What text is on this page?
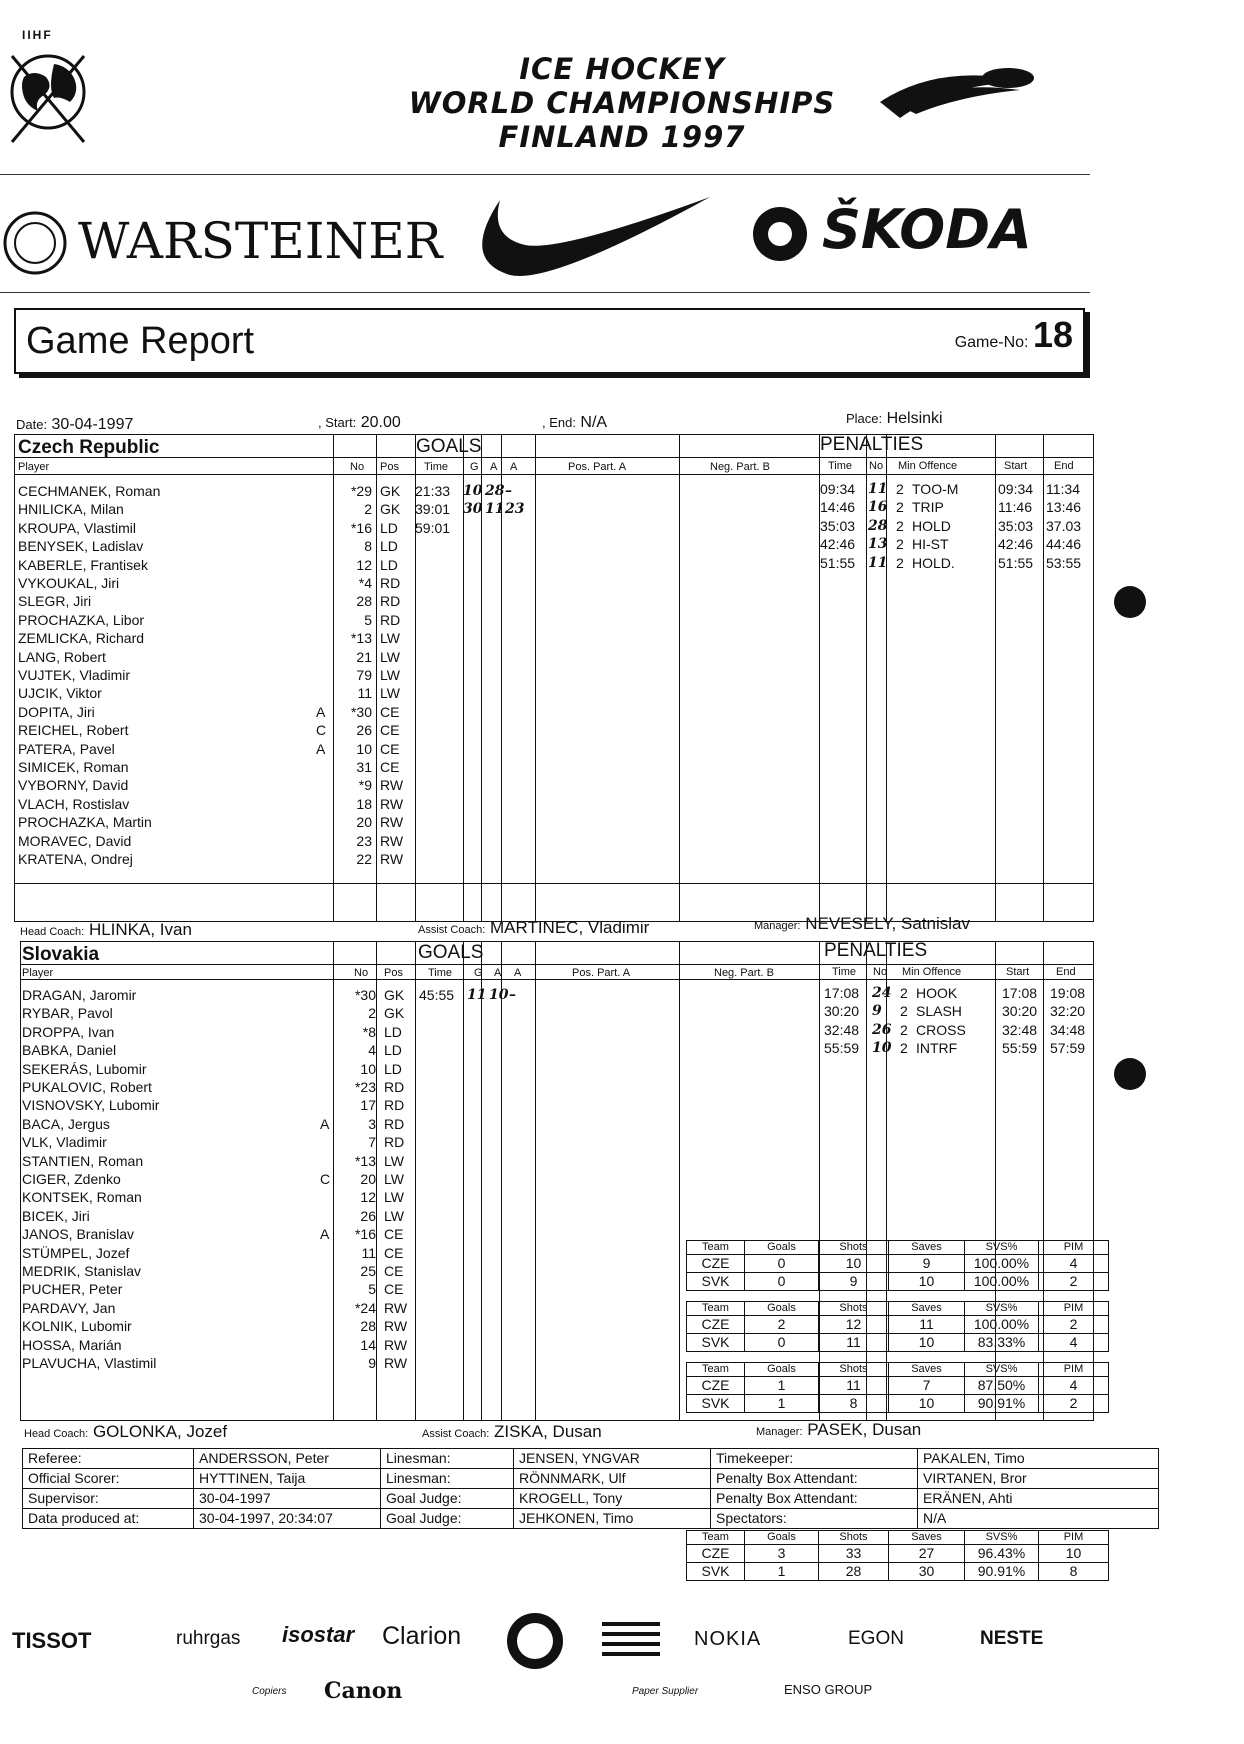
IIHF
ICE HOCKEY
WORLD CHAMPIONSHIPS
FINLAND 1997
WARSTEINER	ŠKODA
Game Report	Game-No: 18
Date: 30-04-1997	, Start: 20.00	, End: N/A	Place: Helsinki
Czech Republic	GOALS	PENALTIES
Player	No Pos Time G A A	Pos. Part. A	Neg. Part. B	Time No Min Offence	Start End
CECHMANEK, Roman	*29 GK
HNILICKA, Milan	2 GK
KROUPA, Vlastimil	*16 LD
BENYSEK, Ladislav	8 LD
KABERLE, Frantisek	12 LD
VYKOUKAL, Jiri	*4 RD
SLEGR, Jiri	28 RD
PROCHAZKA, Libor	5 RD
ZEMLICKA, Richard	*13 LW
LANG, Robert	21 LW
VUJTEK, Vladimir	79 LW
UJCIK, Viktor	11 LW
DOPITA, Jiri	A	*30 CE
REICHEL, Robert	C	26 CE
PATERA, Pavel	A	10 CE
SIMICEK, Roman	31 CE
VYBORNY, David	*9 RW
VLACH, Rostislav	18 RW
PROCHAZKA, Martin	20 RW
MORAVEC, David	23 RW
KRATENA, Ondrej	22 RW
21:33 10 28 –
39:01 30 11 23
59:01
09:34 11 2 TOO-M	09:34 11:34
14:46 16 2 TRIP	11:46 13:46
35:03 28 2 HOLD	35:03 37.03
42:46 13 2 HI-ST	42:46 44:46
51:55 11 2 HOLD.	51:55 53:55
Head Coach: HLINKA, Ivan	Assist Coach: MARTINEC, Vladimir	Manager: NEVESELY, Satnislav
Slovakia	GOALS	PENALTIES
Player	No Pos Time G A A	Pos. Part. A	Neg. Part. B	Time No Min Offence	Start End
DRAGAN, Jaromir	*30 GK
RYBAR, Pavol	2 GK
DROPPA, Ivan	*8 LD
BABKA, Daniel	4 LD
SEKERÁS, Lubomir	10 LD
PUKALOVIC, Robert	*23 RD
VISNOVSKY, Lubomir	17 RD
BACA, Jergus	A	3 RD
VLK, Vladimir	7 RD
STANTIEN, Roman	*13 LW
CIGER, Zdenko	C	20 LW
KONTSEK, Roman	12 LW
BICEK, Jiri	26 LW
JANOS, Branislav	A	*16 CE
STÜMPEL, Jozef	11 CE
MEDRIK, Stanislav	25 CE
PUCHER, Peter	5 CE
PARDAVY, Jan	*24 RW
KOLNIK, Lubomir	28 RW
HOSSA, Marián	14 RW
PLAVUCHA, Vlastimil	9 RW
45:55 11 10 –	17:08 24 2 HOOK	17:08 19:08
30:20 9 2 SLASH	30:20 32:20
32:48 26 2 CROSS	32:48 34:48
55:59 10 2 INTRF	55:59 57:59
Team	Goals	Shots	Saves	SVS%	PIM
CZE	0	10	9	100.00%	4
SVK	0	9	10	100.00%	2
Team	Goals	Shots	Saves	SVS%	PIM
CZE	2	12	11	100.00%	2
SVK	0	11	10	83.33%	4
Team	Goals	Shots	Saves	SVS%	PIM
CZE	1	11	7	87.50%	4
SVK	1	8	10	90.91%	2
Head Coach: GOLONKA, Jozef	Assist Coach: ZISKA, Dusan	Manager: PASEK, Dusan
Referee:	ANDERSSON, Peter	Linesman:	JENSEN, YNGVAR	Timekeeper:	PAKALEN, Timo
Official Scorer:	HYTTINEN, Taija	Linesman:	RÖNNMARK, Ulf	Penalty Box Attendant:	VIRTANEN, Bror
Supervisor:	30-04-1997	Goal Judge:	KROGELL, Tony	Penalty Box Attendant:	ERÄNEN, Ahti
Data produced at:	30-04-1997, 20:34:07	Goal Judge:	JEHKONEN, Timo	Spectators:	N/A
Team	Goals	Shots	Saves	SVS%	PIM
CZE	3	33	27	96.43%	10
SVK	1	28	30	90.91%	8
TISSOT	ruhrgas isostar Clarion	NOKIA	EGON	NESTE
Copiers Canon	Paper Supplier	ENSO GROUP
